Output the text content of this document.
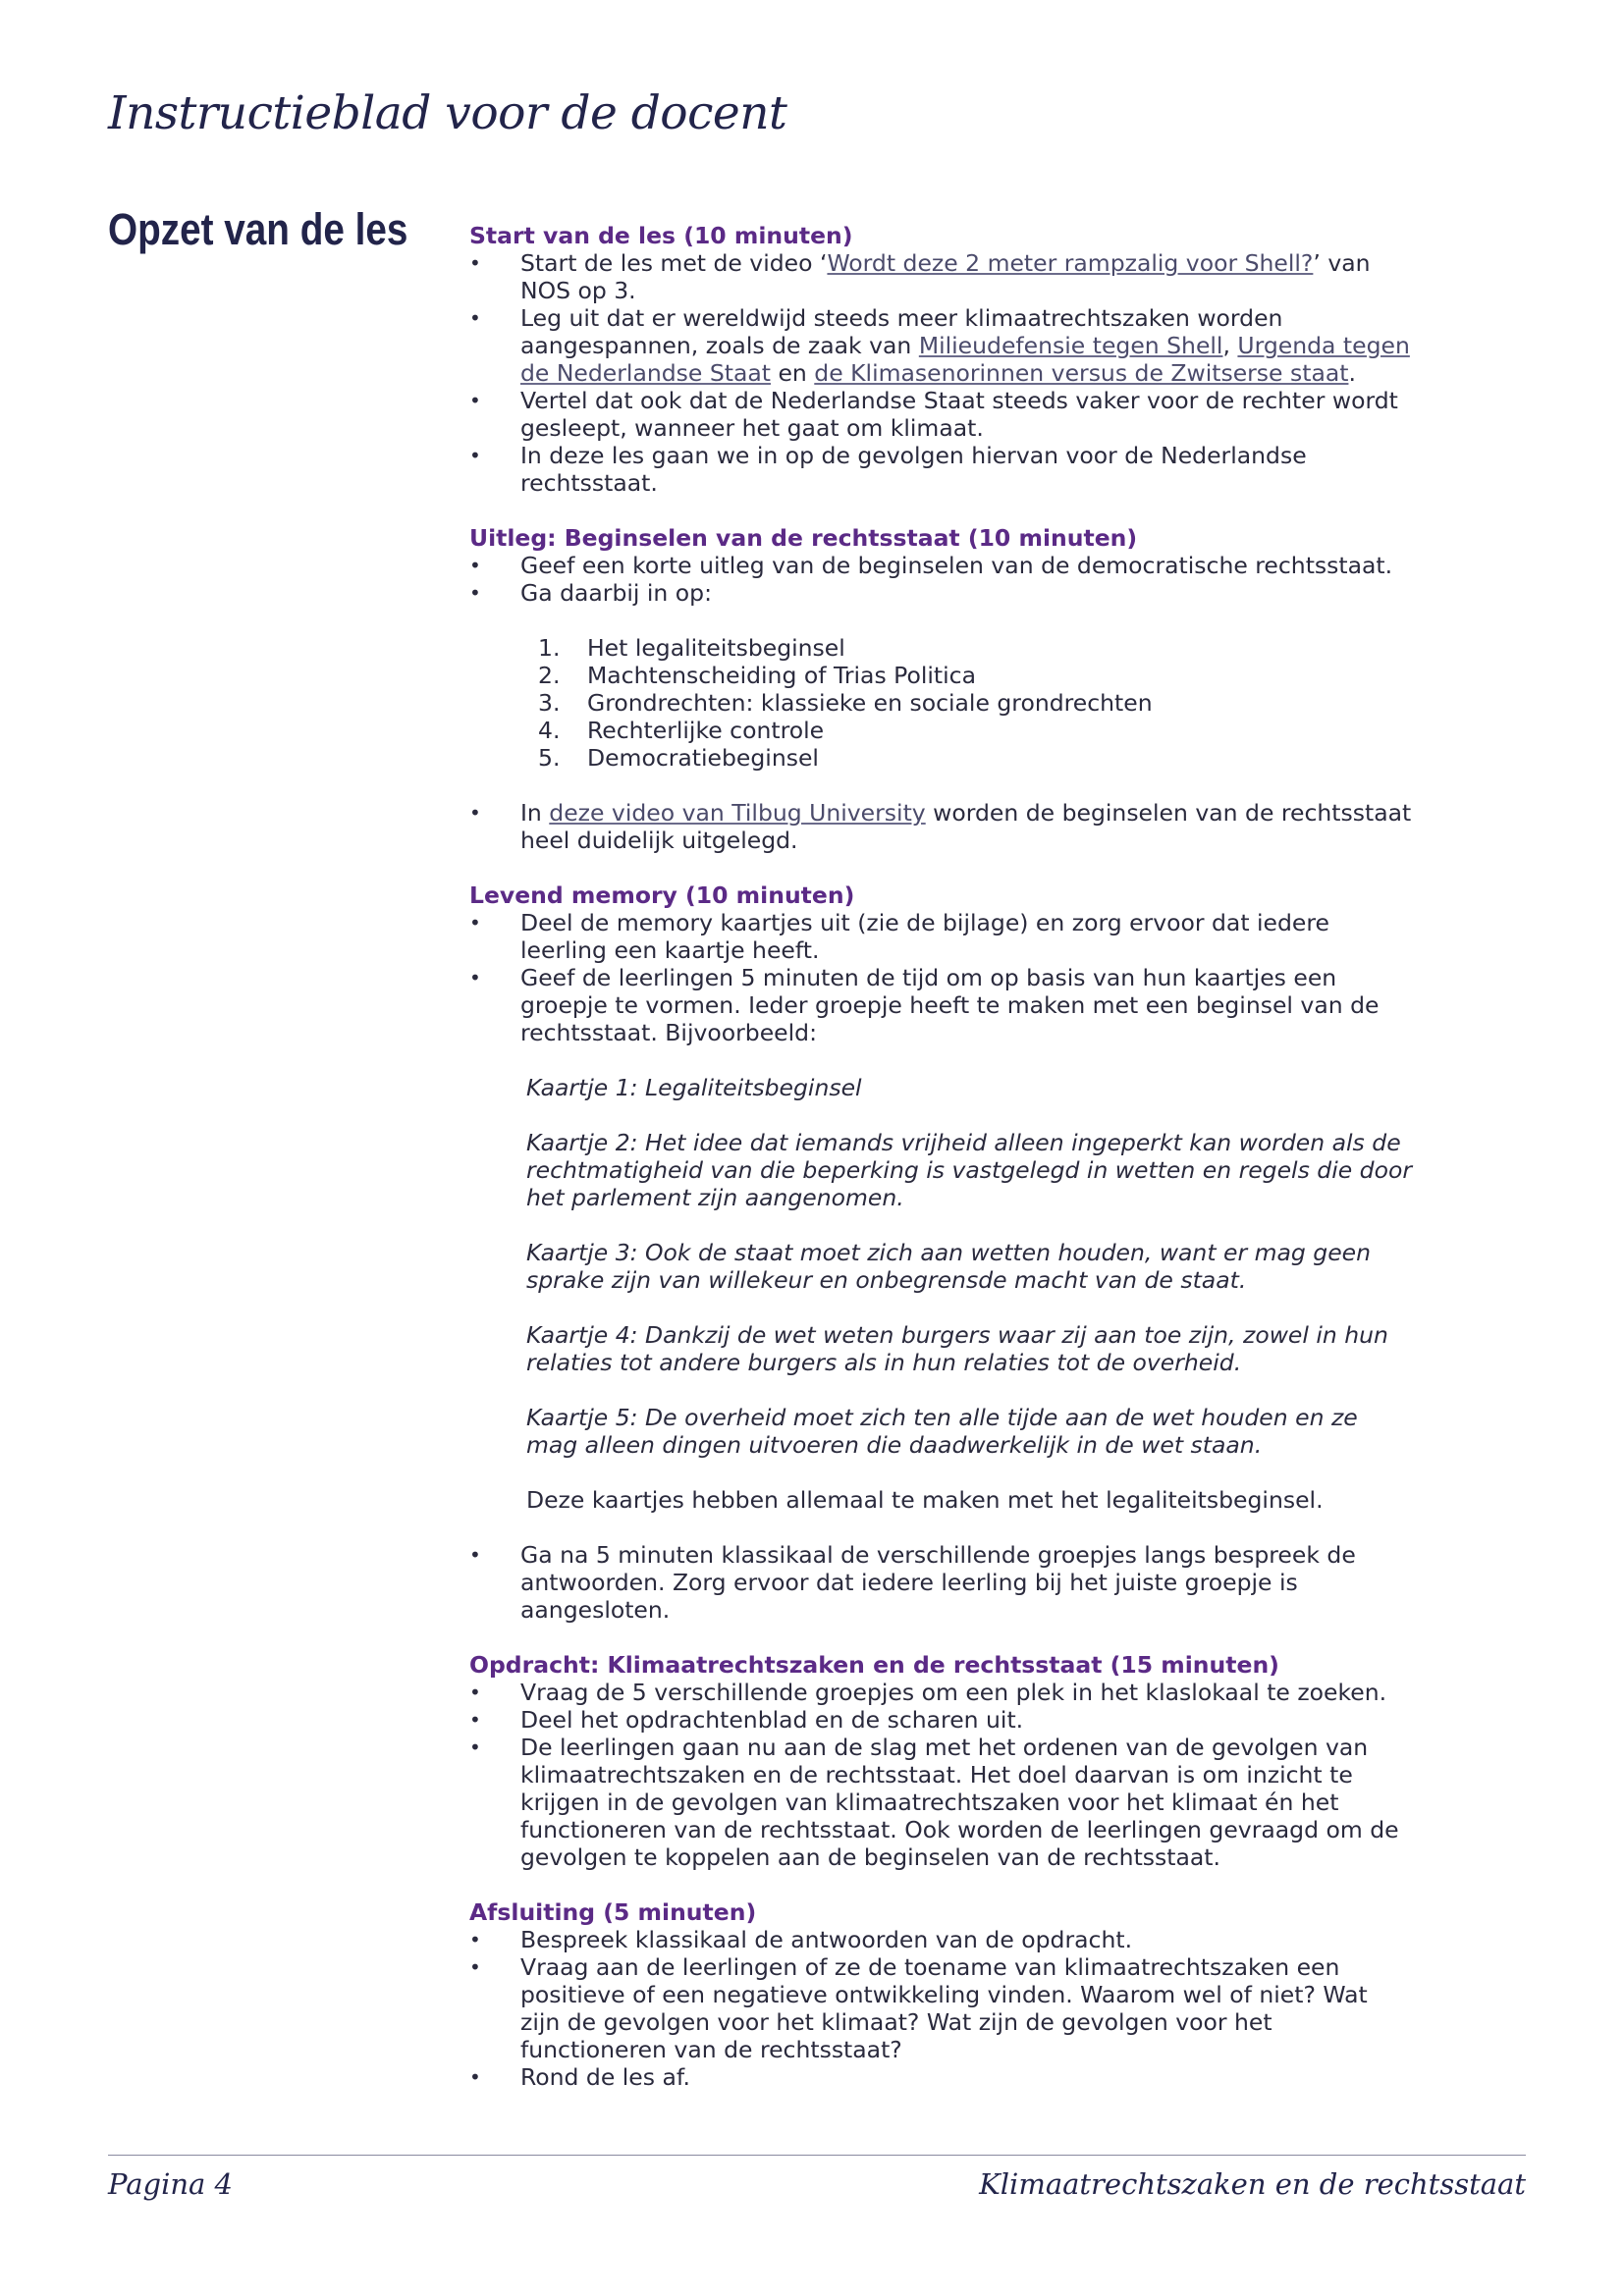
Instructieblad voor de docent
Opzet van de les	Start van de les (10 minuten)
• Start de les met de video ‘Wordt deze 2 meter rampzalig voor Shell?’ van NOS op 3.
• Leg uit dat er wereldwijd steeds meer klimaatrechtszaken worden aangespannen, zoals de zaak van Milieudefensie tegen Shell, Urgenda tegen de Nederlandse Staat en de Klimasenorinnen versus de Zwitserse staat.
• Vertel dat ook dat de Nederlandse Staat steeds vaker voor de rechter wordt gesleept, wanneer het gaat om klimaat.
• In deze les gaan we in op de gevolgen hiervan voor de Nederlandse rechtsstaat.
Uitleg: Beginselen van de rechtsstaat (10 minuten)
• Geef een korte uitleg van de beginselen van de democratische rechtsstaat.
• Ga daarbij in op:
1. Het legaliteitsbeginsel
2. Machtenscheiding of Trias Politica
3. Grondrechten: klassieke en sociale grondrechten
4. Rechterlijke controle
5. Democratiebeginsel
• In deze video van Tilbug University worden de beginselen van de rechtsstaat heel duidelijk uitgelegd.
Levend memory (10 minuten)
• Deel de memory kaartjes uit (zie de bijlage) en zorg ervoor dat iedere leerling een kaartje heeft.
• Geef de leerlingen 5 minuten de tijd om op basis van hun kaartjes een groepje te vormen. Ieder groepje heeft te maken met een beginsel van de rechtsstaat. Bijvoorbeeld:
Kaartje 1: Legaliteitsbeginsel
Kaartje 2: Het idee dat iemands vrijheid alleen ingeperkt kan worden als de rechtmatigheid van die beperking is vastgelegd in wetten en regels die door het parlement zijn aangenomen.
Kaartje 3: Ook de staat moet zich aan wetten houden, want er mag geen sprake zijn van willekeur en onbegrensde macht van de staat.
Kaartje 4: Dankzij de wet weten burgers waar zij aan toe zijn, zowel in hun relaties tot andere burgers als in hun relaties tot de overheid.
Kaartje 5: De overheid moet zich ten alle tijde aan de wet houden en ze mag alleen dingen uitvoeren die daadwerkelijk in de wet staan.

Deze kaartjes hebben allemaal te maken met het legaliteitsbeginsel.

• Ga na 5 minuten klassikaal de verschillende groepjes langs bespreek de antwoorden. Zorg ervoor dat iedere leerling bij het juiste groepje is aangesloten.
Opdracht: Klimaatrechtszaken en de rechtsstaat (15 minuten)
• Vraag de 5 verschillende groepjes om een plek in het klaslokaal te zoeken.
• Deel het opdrachtenblad en de scharen uit.
• De leerlingen gaan nu aan de slag met het ordenen van de gevolgen van klimaatrechtszaken en de rechtsstaat. Het doel daarvan is om inzicht te krijgen in de gevolgen van klimaatrechtszaken voor het klimaat én het functioneren van de rechtsstaat. Ook worden de leerlingen gevraagd om de gevolgen te koppelen aan de beginselen van de rechtsstaat.
Afsluiting (5 minuten)
• Bespreek klassikaal de antwoorden van de opdracht.
• Vraag aan de leerlingen of ze de toename van klimaatrechtszaken een positieve of een negatieve ontwikkeling vinden. Waarom wel of niet? Wat zijn de gevolgen voor het klimaat? Wat zijn de gevolgen voor het functioneren van de rechtsstaat?
• Rond de les af.
Pagina 4	Klimaatrechtszaken en de rechtsstaat
